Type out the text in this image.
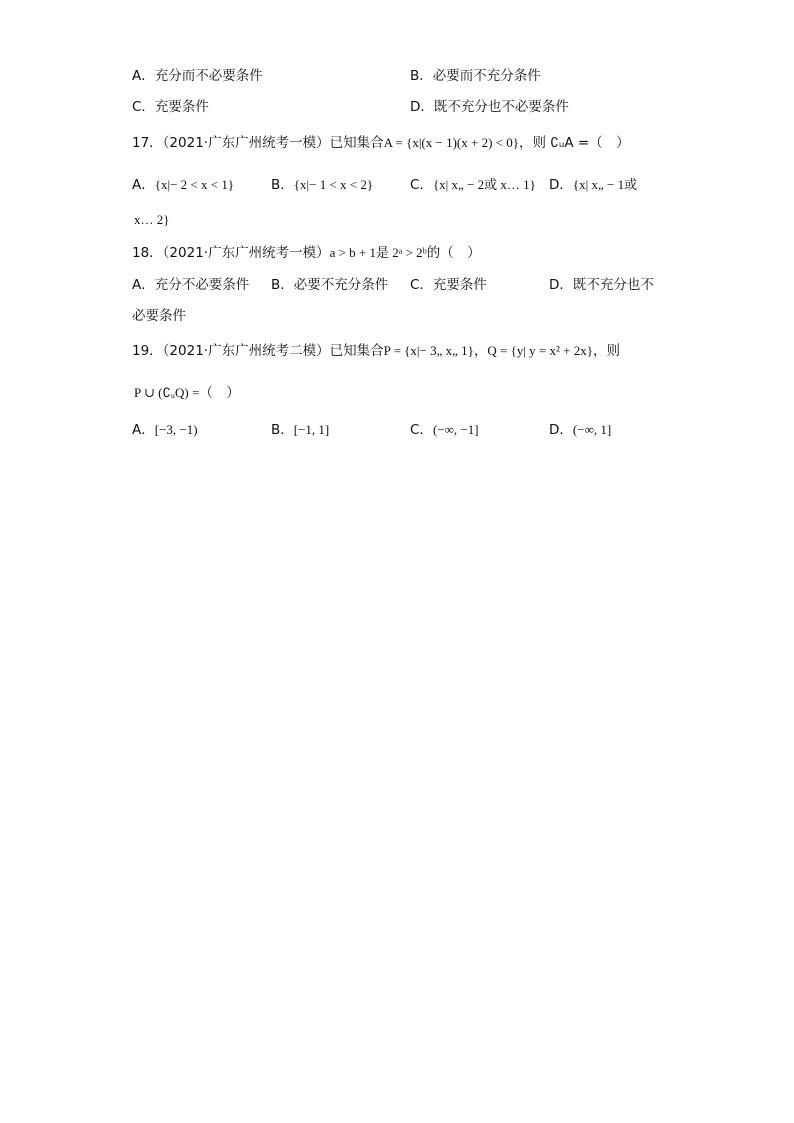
A．充分而不必要条件	B．必要而不充分条件
C．充要条件	D．既不充分也不必要条件
17．（2021·广东广州统考一模）已知集合A = {x|(x − 1)(x + 2) < 0}，则 ∁ᵤA =（　）
A．{x|− 2 < x < 1}	B．{x|− 1 < x < 2}	C．{x| x„ − 2或 x… 1} D．{x| x„ − 1或
x… 2}
18．（2021·广东广州统考一模）a > b + 1是 2ᵃ > 2ᵇ的（　）
A．充分不必要条件 B．必要不充分条件 C．充要条件	D．既不充分也不
必要条件
19．（2021·广东广州统考二模）已知集合P = {x|− 3„ x„ 1}，Q = {y| y = x² + 2x}，则
P ∪ (∁ᵤQ) =（　）
A．[−3, −1)	B．[−1, 1]	C．(−∞, −1]	D．(−∞, 1]
